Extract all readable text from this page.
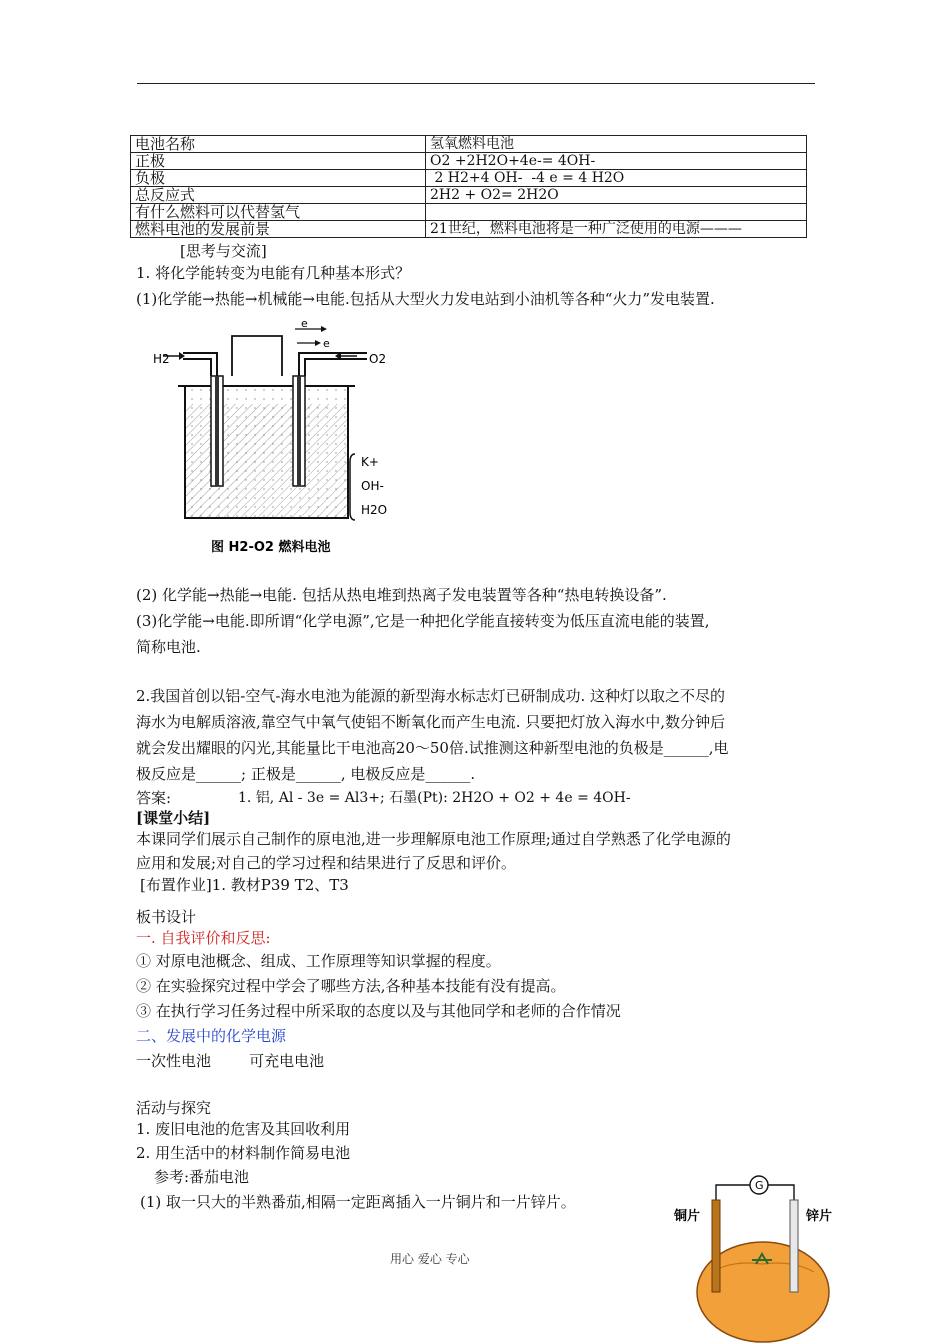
电池名称	氢氧燃料电池
正极	O2 +2H2O+4e-= 4OH-
负极	2 H2+4 OH-  -4 e = 4 H2O
总反应式	2H2 + O2= 2H2O
有什么燃料可以代替氢气	
燃料电池的发展前景	21世纪，燃料电池将是一种广泛使用的电源———
[思考与交流]
1. 将化学能转变为电能有几种基本形式？
(1)化学能→热能→机械能→电能.包括从大型火力发电站到小油机等各种“火力”发电装置.
H2	O2
e
e
K+
OH-
H2O
图 H2-O2 燃料电池
(2) 化学能→热能→电能. 包括从热电堆到热离子发电装置等各种“热电转换设备”.
(3)化学能→电能.即所谓“化学电源”,它是一种把化学能直接转变为低压直流电能的装置,
简称电池.
2.我国首创以铝-空气-海水电池为能源的新型海水标志灯已研制成功. 这种灯以取之不尽的
海水为电解质溶液,靠空气中氧气使铝不断氧化而产生电流. 只要把灯放入海水中,数分钟后
就会发出耀眼的闪光,其能量比干电池高20～50倍.试推测这种新型电池的负极是______,电
极反应是______; 正极是______, 电极反应是______.
答案:	1. 铝, Al - 3e = Al3+; 石墨(Pt): 2H2O + O2 + 4e = 4OH-
[课堂小结]
本课同学们展示自己制作的原电池,进一步理解原电池工作原理;通过自学熟悉了化学电源的
应用和发展;对自己的学习过程和结果进行了反思和评价。
[布置作业]1. 教材P39 T2、T3
板书设计
一. 自我评价和反思:
① 对原电池概念、组成、工作原理等知识掌握的程度。
② 在实验探究过程中学会了哪些方法,各种基本技能有没有提高。
③ 在执行学习任务过程中所采取的态度以及与其他同学和老师的合作情况
二、发展中的化学电源
一次性电池        可充电电池
活动与探究
1. 废旧电池的危害及其回收利用
2. 用生活中的材料制作简易电池
参考:番茄电池
(1) 取一只大的半熟番茄,相隔一定距离插入一片铜片和一片锌片。
G
铜片	锌片
用心 爱心 专心
